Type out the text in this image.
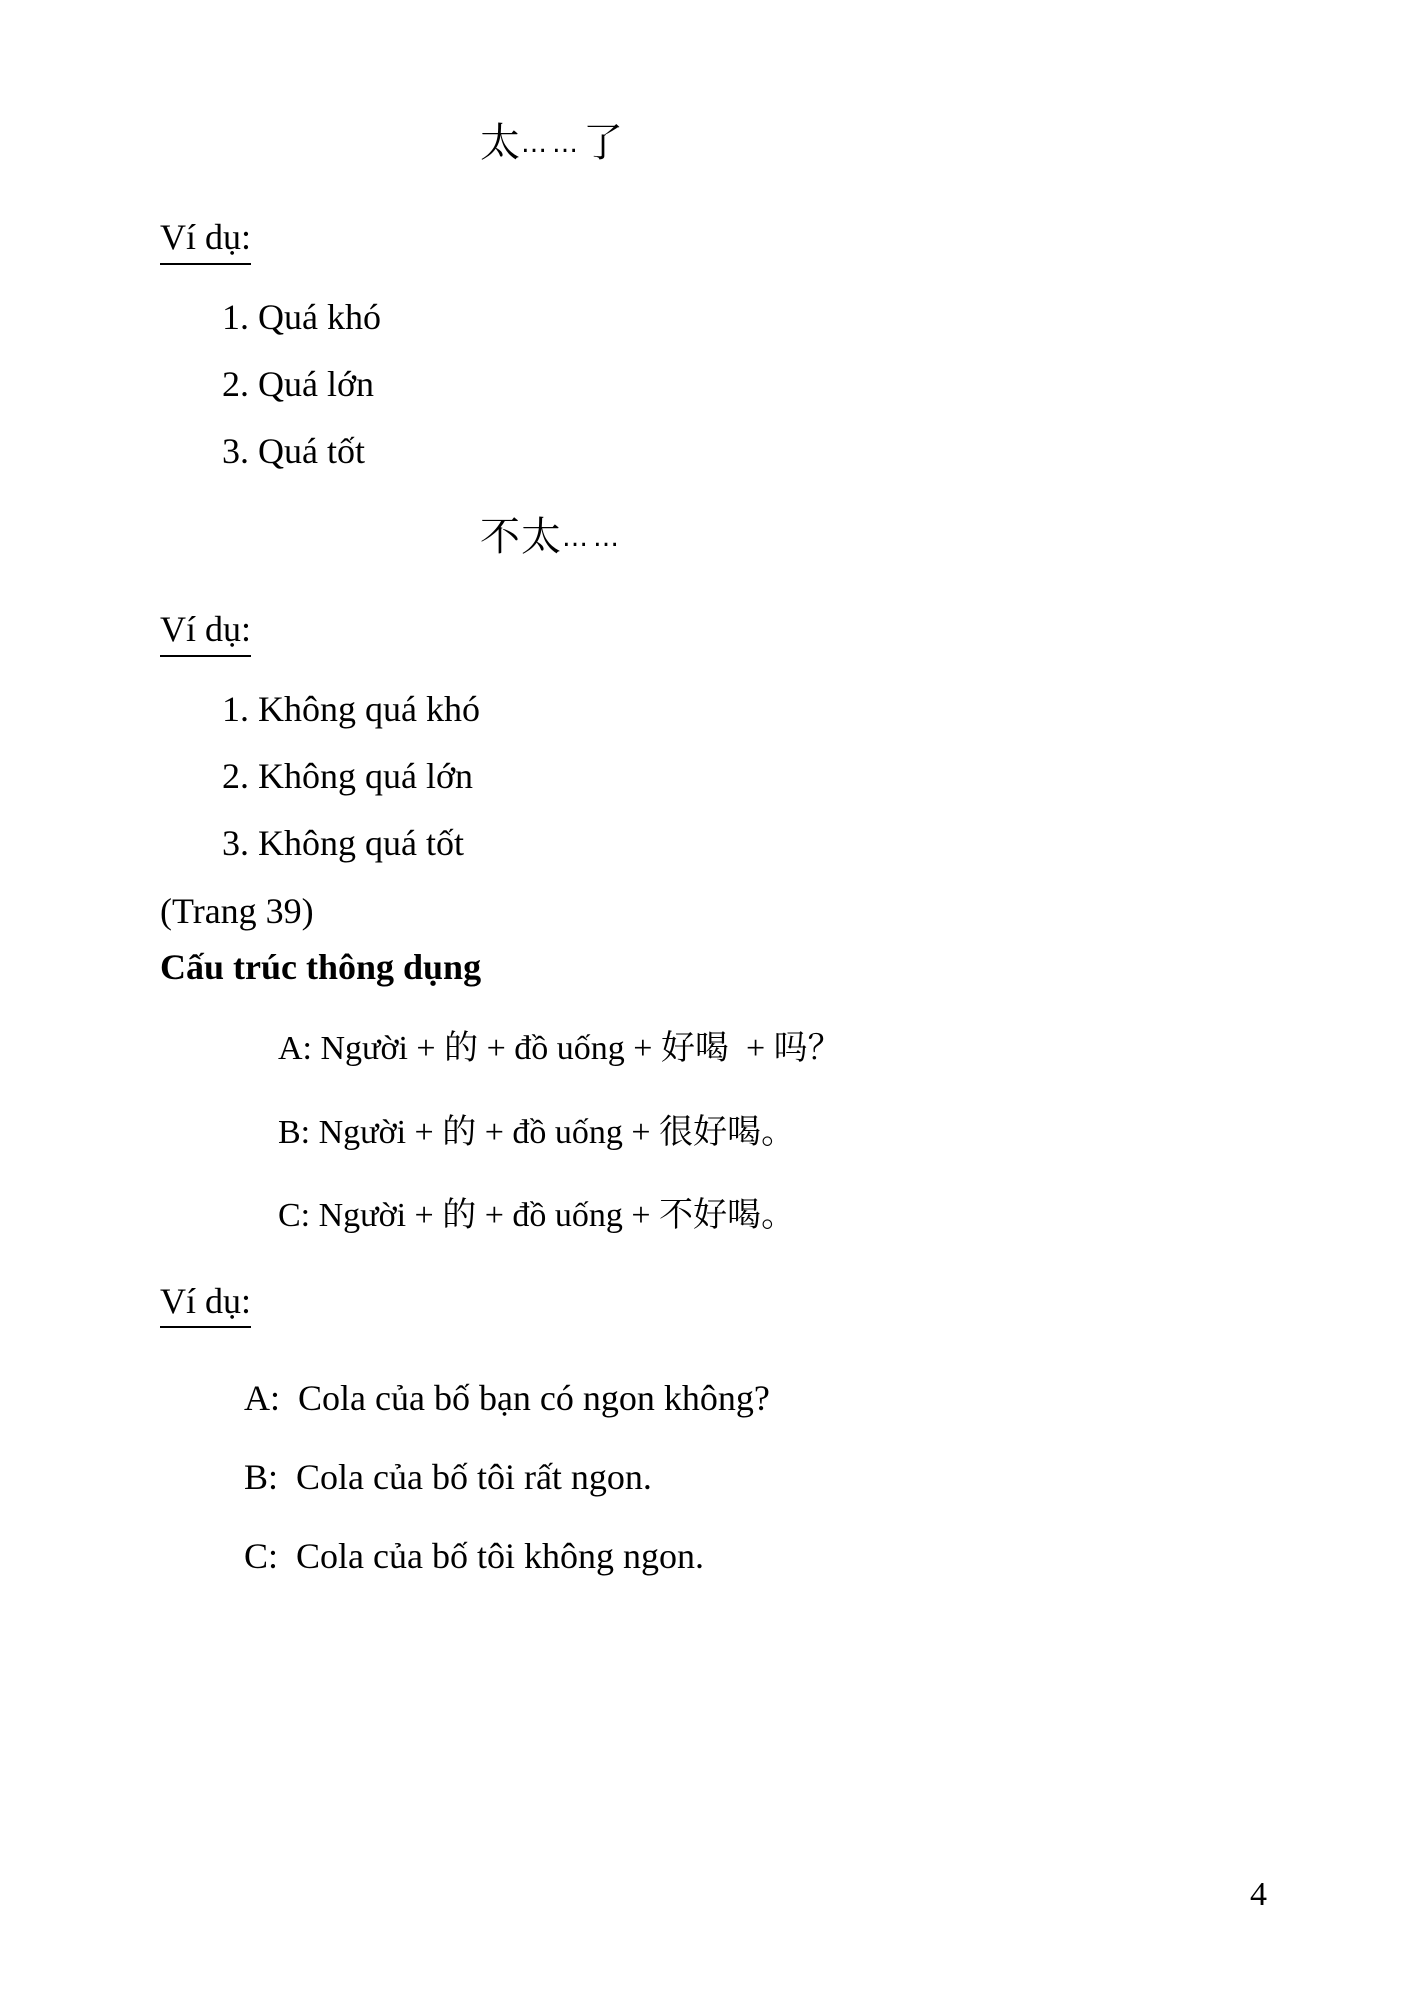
太……了
Ví dụ:
1. Quá khó
2. Quá lớn
3. Quá tốt
不太……
Ví dụ:
1. Không quá khó
2. Không quá lớn
3. Không quá tốt
(Trang 39)
Cấu trúc thông dụng
A: Người + 的 + đồ uống + 好喝  + 吗？
B: Người + 的 + đồ uống + 很好喝。
C: Người + 的 + đồ uống + 不好喝。
Ví dụ:
A:  Cola của bố bạn có ngon không?
B:  Cola của bố tôi rất ngon.
C:  Cola của bố tôi không ngon.
4
